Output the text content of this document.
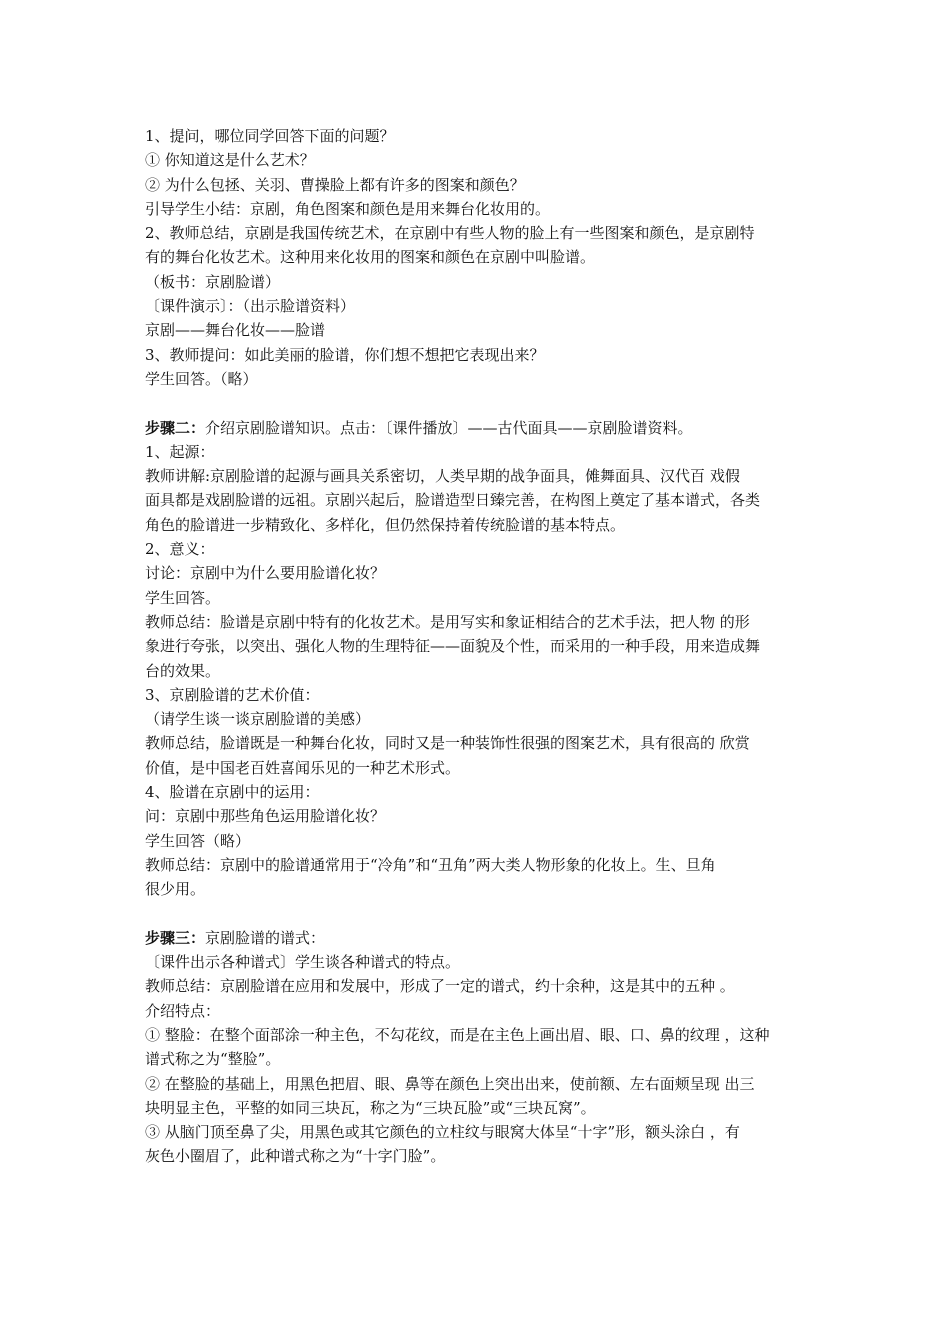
1、提问，哪位同学回答下面的问题？
① 你知道这是什么艺术？
② 为什么包拯、关羽、曹操脸上都有许多的图案和颜色？
引导学生小结：京剧，角色图案和颜色是用来舞台化妆用的。
2、教师总结，京剧是我国传统艺术，在京剧中有些人物的脸上有一些图案和颜色，是京剧特
有的舞台化妆艺术。这种用来化妆用的图案和颜色在京剧中叫脸谱。
（板书：京剧脸谱）
〔课件演示〕：（出示脸谱资料）
京剧——舞台化妆——脸谱
3、教师提问：如此美丽的脸谱，你们想不想把它表现出来？
学生回答。（略）
步骤二：介绍京剧脸谱知识。点击：〔课件播放〕——古代面具——京剧脸谱资料。
1、起源：
教师讲解:京剧脸谱的起源与画具关系密切，人类早期的战争面具，傩舞面具、汉代百 戏假
面具都是戏剧脸谱的远祖。京剧兴起后，脸谱造型日臻完善，在构图上奠定了基本谱式，各类
角色的脸谱进一步精致化、多样化，但仍然保持着传统脸谱的基本特点。
2、意义：
讨论：京剧中为什么要用脸谱化妆？
学生回答。
教师总结：脸谱是京剧中特有的化妆艺术。是用写实和象证相结合的艺术手法，把人物 的形
象进行夸张，以突出、强化人物的生理特征——面貌及个性，而采用的一种手段，用来造成舞
台的效果。
3、京剧脸谱的艺术价值：
（请学生谈一谈京剧脸谱的美感）
教师总结，脸谱既是一种舞台化妆，同时又是一种装饰性很强的图案艺术，具有很高的 欣赏
价值，是中国老百姓喜闻乐见的一种艺术形式。
4、脸谱在京剧中的运用：
问：京剧中那些角色运用脸谱化妆？
学生回答（略）
教师总结：京剧中的脸谱通常用于“冷角”和“丑角”两大类人物形象的化妆上。生、旦角
很少用。
步骤三：京剧脸谱的谱式：
〔课件出示各种谱式〕学生谈各种谱式的特点。
教师总结：京剧脸谱在应用和发展中，形成了一定的谱式，约十余种，这是其中的五种 。
介绍特点：
① 整脸：在整个面部涂一种主色，不勾花纹，而是在主色上画出眉、眼、口、鼻的纹理 ，这种
谱式称之为“整脸”。
② 在整脸的基础上，用黑色把眉、眼、鼻等在颜色上突出出来，使前额、左右面颊呈现 出三
块明显主色，平整的如同三块瓦，称之为“三块瓦脸”或“三块瓦窝”。
③ 从脑门顶至鼻了尖，用黑色或其它颜色的立柱纹与眼窝大体呈“十字”形，额头涂白 ，有
灰色小圈眉了，此种谱式称之为“十字门脸”。
